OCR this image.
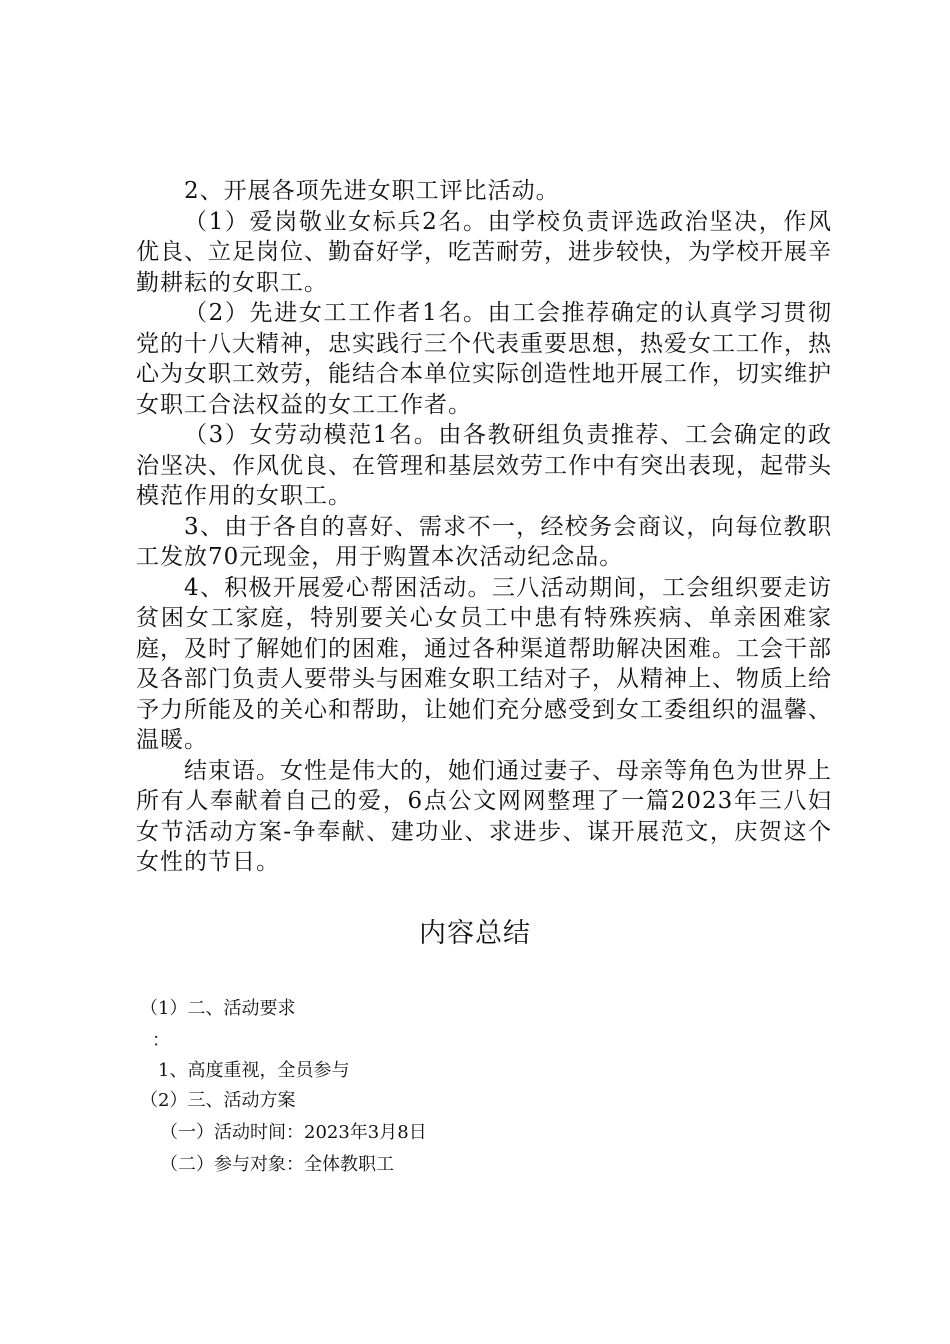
2、开展各项先进女职工评比活动。

（1）爱岗敬业女标兵2名。由学校负责评选政治坚决，作风优良、立足岗位、勤奋好学，吃苦耐劳，进步较快，为学校开展辛勤耕耘的女职工。

（2）先进女工工作者1名。由工会推荐确定的认真学习贯彻党的十八大精神，忠实践行三个代表重要思想，热爱女工工作，热心为女职工效劳，能结合本单位实际创造性地开展工作，切实维护女职工合法权益的女工工作者。

（3）女劳动模范1名。由各教研组负责推荐、工会确定的政治坚决、作风优良、在管理和基层效劳工作中有突出表现，起带头模范作用的女职工。

3、由于各自的喜好、需求不一，经校务会商议，向每位教职工发放70元现金，用于购置本次活动纪念品。

4、积极开展爱心帮困活动。三八活动期间，工会组织要走访贫困女工家庭，特别要关心女员工中患有特殊疾病、单亲困难家庭，及时了解她们的困难，通过各种渠道帮助解决困难。工会干部及各部门负责人要带头与困难女职工结对子，从精神上、物质上给予力所能及的关心和帮助，让她们充分感受到女工委组织的温馨、温暖。

结束语。女性是伟大的，她们通过妻子、母亲等角色为世界上所有人奉献着自己的爱，6点公文网网整理了一篇2023年三八妇女节活动方案-争奉献、建功业、求进步、谋开展范文，庆贺这个女性的节日。

内容总结
（1）二、活动要求
：
1、高度重视，全员参与
（2）三、活动方案
（一）活动时间：2023年3月8日
（二）参与对象：全体教职工
